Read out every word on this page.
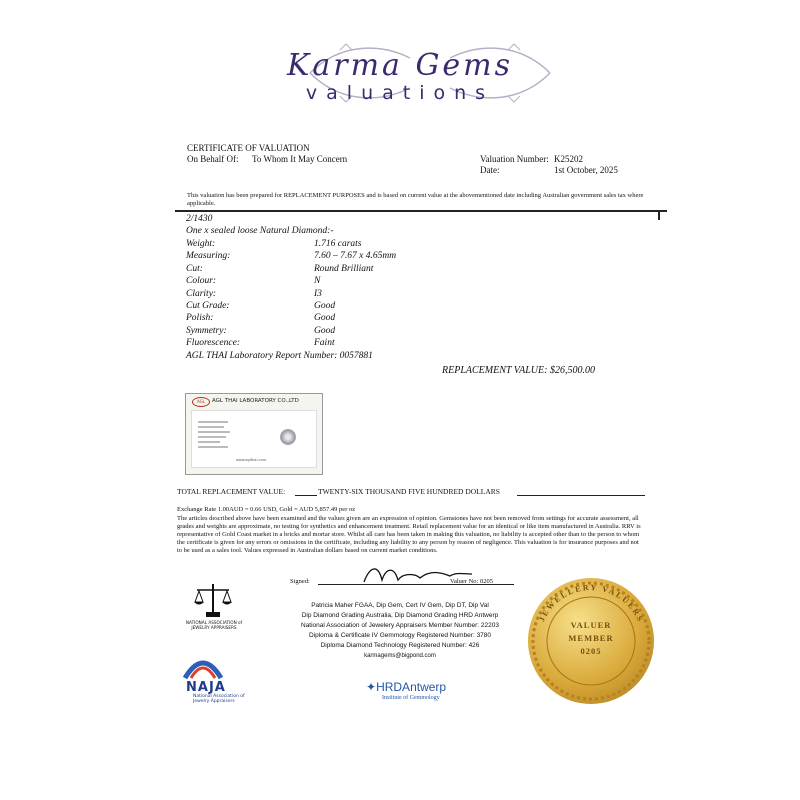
Karma Gems
valuations
CERTIFICATE OF VALUATION
On Behalf Of: To Whom It May Concern	Valuation Number: K25202
Date:	1st October, 2025
This valuation has been prepared for REPLACEMENT PURPOSES and is based on current value at the abovementioned date including Australian government sales tax where applicable.
2/1430
One x sealed loose Natural Diamond:-
Weight:	1.716 carats
Measuring:	7.60 – 7.67 x 4.65mm
Cut:	Round Brilliant
Colour:	N
Clarity:	I3
Cut Grade:	Good
Polish:	Good
Symmetry:	Good
Fluorescence:	Faint
AGL THAI Laboratory Report Number: 0057881
REPLACEMENT VALUE: $26,500.00
AGL	AGL THAI LABORATORY CO.,LTD
www.aglthai.com
TOTAL REPLACEMENT VALUE:	TWENTY-SIX THOUSAND FIVE HUNDRED DOLLARS
Exchange Rate 1.00AUD = 0.66 USD, Gold = AUD 5,857.49 per oz
The articles described above have been examined and the values given are an expression of opinion. Gemstones have not been removed from settings for accurate assessment, all grades and weights are approximate, no testing for synthetics and enhancement treatment. Retail replacement value for an identical or like item manufactured in Australia. RRV is representative of Gold Coast market in a bricks and mortar store. Whilst all care has been taken in making this valuation, no liability is accepted other than to the person to whom the certificate is given for any errors or omissions in the certificate, including any liability to any person by reason of negligence. This valuation is for insurance purposes and not to be used as a sales tool. Values expressed in Australian dollars based on current market conditions.
Signed:	Valuer No: 0205
Patricia Maher FGAA, Dip Gem, Cert IV Gem, Dip DT, Dip Val
Dip Diamond Grading Australia, Dip Diamond Grading HRD Antwerp
National Association of Jewelery Appraisers Member Number: 22203
Diploma & Certificate IV Gemmology Registered Number: 3780
Diploma Diamond Technology Registered Number: 426
karmagems@bigpond.com
NATIONAL ASSOCIATION of JEWELRY APPRAISERS
NAJA
National Association of
Jewelry Appraisers
✦HRDAntwerp
Institute of Gemmology
JEWELLERY VALUERS
VALUER
MEMBER
0205
